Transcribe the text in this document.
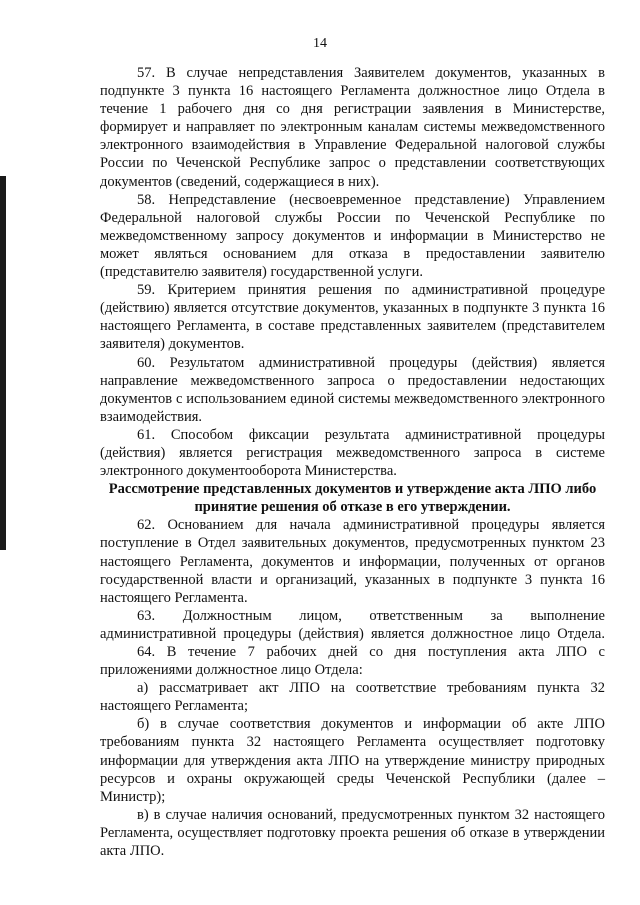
14

57. В случае непредставления Заявителем документов, указанных в подпункте 3 пункта 16 настоящего Регламента должностное лицо Отдела в течение 1 рабочего дня со дня регистрации заявления в Министерстве, формирует и направляет по электронным каналам системы межведомственного электронного взаимодействия в Управление Федеральной налоговой службы России по Чеченской Республике запрос о представлении соответствующих документов (сведений, содержащиеся в них).

58. Непредставление (несвоевременное представление) Управлением Федеральной налоговой службы России по Чеченской Республике по межведомственному запросу документов и информации в Министерство не может являться основанием для отказа в предоставлении заявителю (представителю заявителя) государственной услуги.

59. Критерием принятия решения по административной процедуре (действию) является отсутствие документов, указанных в подпункте 3 пункта 16 настоящего Регламента, в составе представленных заявителем (представителем заявителя) документов.

60. Результатом административной процедуры (действия) является направление межведомственного запроса о предоставлении недостающих документов с использованием единой системы межведомственного электронного взаимодействия.

61. Способом фиксации результата административной процедуры (действия) является регистрация межведомственного запроса в системе электронного документооборота Министерства.

Рассмотрение представленных документов и утверждение акта ЛПО либо принятие решения об отказе в его утверждении.

62. Основанием для начала административной процедуры является поступление в Отдел заявительных документов, предусмотренных пунктом 23 настоящего Регламента, документов и информации, полученных от органов государственной власти и организаций, указанных в подпункте 3 пункта 16 настоящего Регламента.

63. Должностным лицом, ответственным за выполнение административной процедуры (действия) является должностное лицо Отдела.

64. В течение 7 рабочих дней со дня поступления акта ЛПО с приложениями должностное лицо Отдела:

а) рассматривает акт ЛПО на соответствие требованиям пункта 32 настоящего Регламента;

б) в случае соответствия документов и информации об акте ЛПО требованиям пункта 32 настоящего Регламента осуществляет подготовку информации для утверждения акта ЛПО на утверждение министру природных ресурсов и охраны окружающей среды Чеченской Республики (далее – Министр);

в) в случае наличия оснований, предусмотренных пунктом 32 настоящего Регламента, осуществляет подготовку проекта решения об отказе в утверждении акта ЛПО.
